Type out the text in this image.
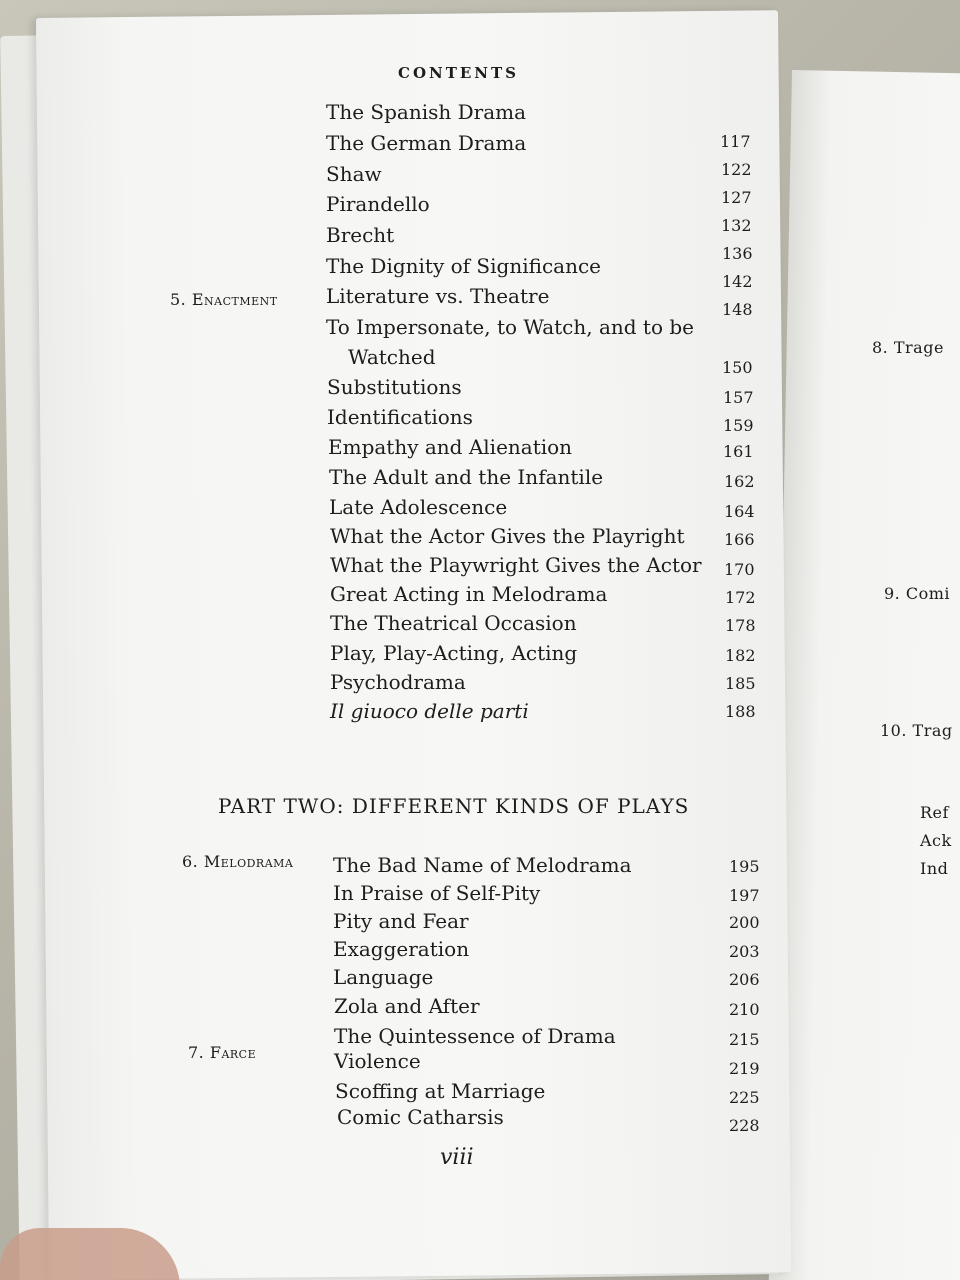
CONTENTS
5. Enactment
The Spanish Drama
The German Drama
Shaw
Pirandello
Brecht
The Dignity of Significance
Literature vs. Theatre
To Impersonate, to Watch, and to be
Watched
Substitutions
Identifications
Empathy and Alienation
The Adult and the Infantile
Late Adolescence
What the Actor Gives the Playright
What the Playwright Gives the Actor
Great Acting in Melodrama
The Theatrical Occasion
Play, Play-Acting, Acting
Psychodrama
Il giuoco delle parti
117
122
127
132
136
142
148
150
157
159
161
162
164
166
170
172
178
182
185
188
PART TWO: DIFFERENT KINDS OF PLAYS
6. Melodrama
7. Farce
The Bad Name of Melodrama
In Praise of Self-Pity
Pity and Fear
Exaggeration
Language
Zola and After
The Quintessence of Drama
Violence
Scoffing at Marriage
Comic Catharsis
195
197
200
203
206
210
215
219
225
228
viii
8. Trage
9. Comi
10. Trag
Ref
Ack
Ind
